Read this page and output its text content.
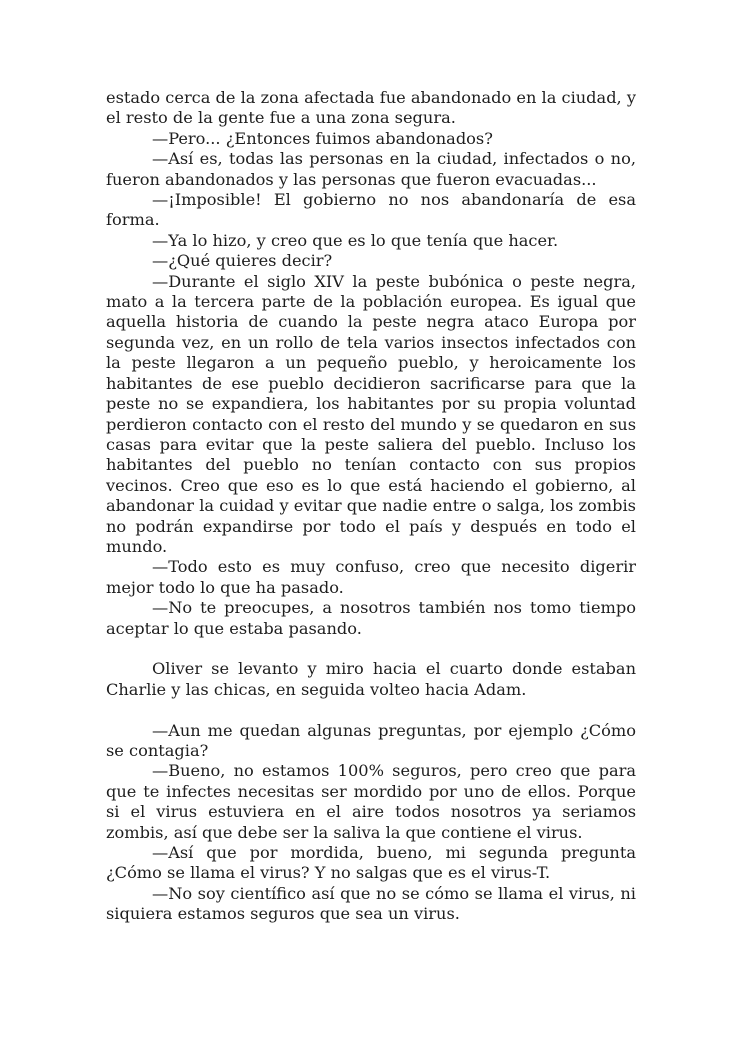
estado cerca de la zona afectada fue abandonado en la ciudad, y el resto de la gente fue a una zona segura.

—Pero... ¿Entonces fuimos abandonados?

—Así es, todas las personas en la ciudad, infectados o no, fueron abandonados y las personas que fueron evacuadas...

—¡Imposible! El gobierno no nos abandonaría de esa forma.

—Ya lo hizo, y creo que es lo que tenía que hacer.

—¿Qué quieres decir?

—Durante el siglo XIV la peste bubónica o peste negra, mato a la tercera parte de la población europea. Es igual que aquella historia de cuando la peste negra ataco Europa por segunda vez, en un rollo de tela varios insectos infectados con la peste llegaron a un pequeño pueblo, y heroicamente los habitantes de ese pueblo decidieron sacrificarse para que la peste no se expandiera, los habitantes por su propia voluntad perdieron contacto con el resto del mundo y se quedaron en sus casas para evitar que la peste saliera del pueblo. Incluso los habitantes del pueblo no tenían contacto con sus propios vecinos. Creo que eso es lo que está haciendo el gobierno, al abandonar la cuidad y evitar que nadie entre o salga, los zombis no podrán expandirse por todo el país y después en todo el mundo.

—Todo esto es muy confuso, creo que necesito digerir mejor todo lo que ha pasado.

—No te preocupes, a nosotros también nos tomo tiempo aceptar lo que estaba pasando.

Oliver se levanto y miro hacia el cuarto donde estaban Charlie y las chicas, en seguida volteo hacia Adam.

—Aun me quedan algunas preguntas, por ejemplo ¿Cómo se contagia?

—Bueno, no estamos 100% seguros, pero creo que para que te infectes necesitas ser mordido por uno de ellos. Porque si el virus estuviera en el aire todos nosotros ya seriamos zombis, así que debe ser la saliva la que contiene el virus.

—Así que por mordida, bueno, mi segunda pregunta ¿Cómo se llama el virus? Y no salgas que es el virus-T.

—No soy científico así que no se cómo se llama el virus, ni siquiera estamos seguros que sea un virus.
